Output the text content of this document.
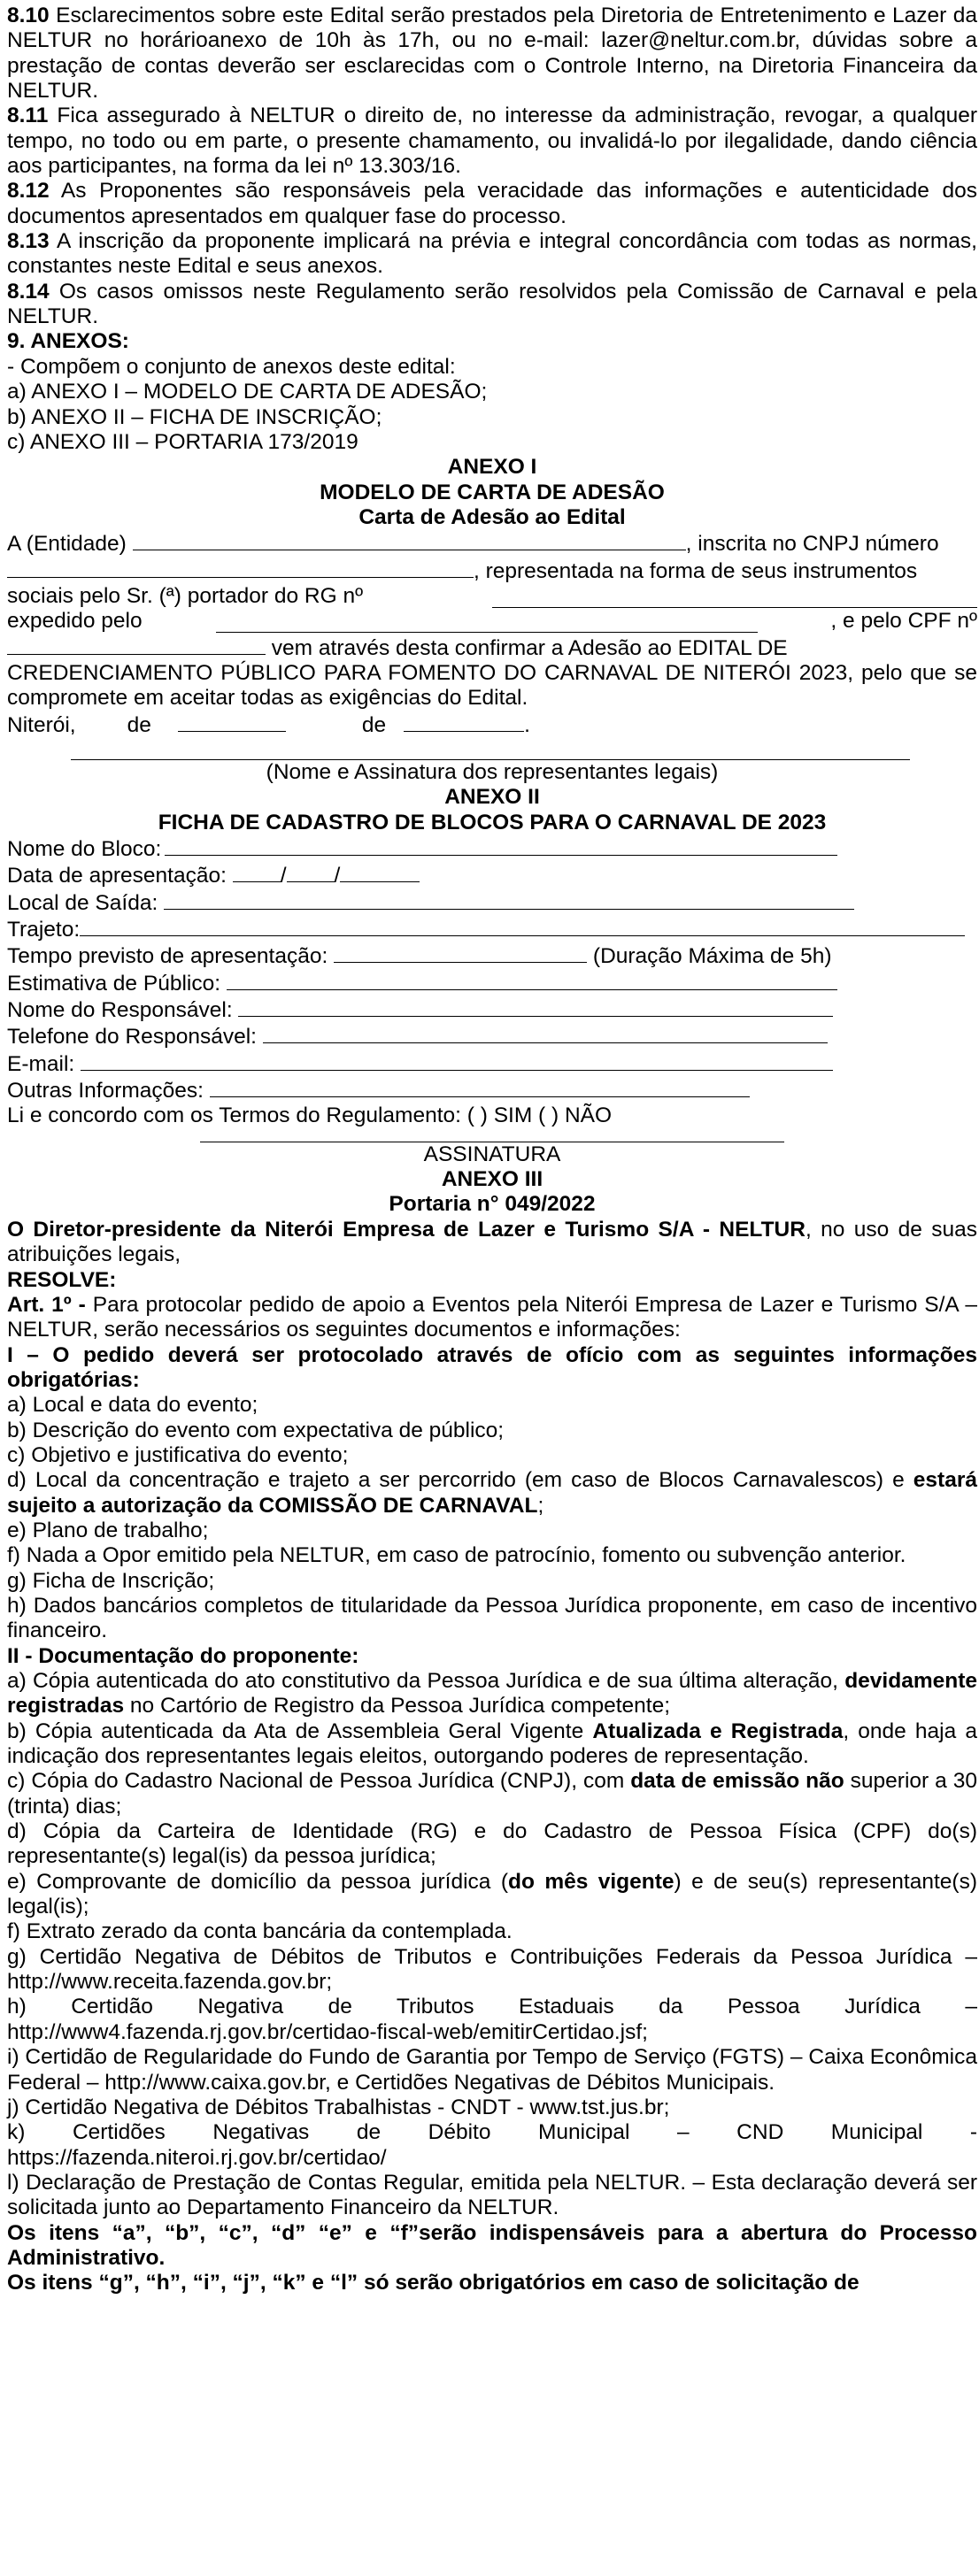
8.10 Esclarecimentos sobre este Edital serão prestados pela Diretoria de Entretenimento e Lazer da NELTUR no horárioanexo de 10h às 17h, ou no e-mail: lazer@neltur.com.br, dúvidas sobre a prestação de contas deverão ser esclarecidas com o Controle Interno, na Diretoria Financeira da NELTUR.
8.11 Fica assegurado à NELTUR o direito de, no interesse da administração, revogar, a qualquer tempo, no todo ou em parte, o presente chamamento, ou invalidá-lo por ilegalidade, dando ciência aos participantes, na forma da lei nº 13.303/16.
8.12 As Proponentes são responsáveis pela veracidade das informações e autenticidade dos documentos apresentados em qualquer fase do processo.
8.13 A inscrição da proponente implicará na prévia e integral concordância com todas as normas, constantes neste Edital e seus anexos.
8.14 Os casos omissos neste Regulamento serão resolvidos pela Comissão de Carnaval e pela NELTUR.
9. ANEXOS:
- Compõem o conjunto de anexos deste edital:
a) ANEXO I – MODELO DE CARTA DE ADESÃO;
b) ANEXO II – FICHA DE INSCRIÇÃO;
c) ANEXO III – PORTARIA 173/2019
ANEXO I
MODELO DE CARTA DE ADESÃO
Carta de Adesão ao Edital
A (Entidade)	, inscrita no CNPJ número
, representada na forma de seus instrumentos
sociais pelo Sr. (ª) portador do RG nº
expedido pelo	, e pelo CPF nº
vem através desta confirmar a Adesão ao EDITAL DE
CREDENCIAMENTO PÚBLICO PARA FOMENTO DO CARNAVAL DE NITERÓI 2023, pelo que se compromete em aceitar todas as exigências do Edital.
Niterói, de	de	.
(Nome e Assinatura dos representantes legais)
ANEXO II
FICHA DE CADASTRO DE BLOCOS PARA O CARNAVAL DE 2023
Nome do Bloco:
Data de apresentação: / /
Local de Saída:
Trajeto:
Tempo previsto de apresentação:	(Duração Máxima de 5h)
Estimativa de Público:
Nome do Responsável:
Telefone do Responsável:
E-mail:
Outras Informações:
Li e concordo com os Termos do Regulamento: ( ) SIM ( ) NÃO
ASSINATURA
ANEXO III
Portaria n° 049/2022
O Diretor-presidente da Niterói Empresa de Lazer e Turismo S/A - NELTUR, no uso de suas atribuições legais,
RESOLVE:
Art. 1º - Para protocolar pedido de apoio a Eventos pela Niterói Empresa de Lazer e Turismo S/A – NELTUR, serão necessários os seguintes documentos e informações:
I – O pedido deverá ser protocolado através de ofício com as seguintes informações obrigatórias:
a) Local e data do evento;
b) Descrição do evento com expectativa de público;
c) Objetivo e justificativa do evento;
d) Local da concentração e trajeto a ser percorrido (em caso de Blocos Carnavalescos) e estará sujeito a autorização da COMISSÃO DE CARNAVAL;
e) Plano de trabalho;
f) Nada a Opor emitido pela NELTUR, em caso de patrocínio, fomento ou subvenção anterior.
g) Ficha de Inscrição;
h) Dados bancários completos de titularidade da Pessoa Jurídica proponente, em caso de incentivo financeiro.
II - Documentação do proponente:
a) Cópia autenticada do ato constitutivo da Pessoa Jurídica e de sua última alteração, devidamente registradas no Cartório de Registro da Pessoa Jurídica competente;
b) Cópia autenticada da Ata de Assembleia Geral Vigente Atualizada e Registrada, onde haja a indicação dos representantes legais eleitos, outorgando poderes de representação.
c) Cópia do Cadastro Nacional de Pessoa Jurídica (CNPJ), com data de emissão não superior a 30 (trinta) dias;
d) Cópia da Carteira de Identidade (RG) e do Cadastro de Pessoa Física (CPF) do(s) representante(s) legal(is) da pessoa jurídica;
e) Comprovante de domicílio da pessoa jurídica (do mês vigente) e de seu(s) representante(s) legal(is);
f) Extrato zerado da conta bancária da contemplada.
g) Certidão Negativa de Débitos de Tributos e Contribuições Federais da Pessoa Jurídica – http://www.receita.fazenda.gov.br;
h) Certidão Negativa de Tributos Estaduais da Pessoa Jurídica – http://www4.fazenda.rj.gov.br/certidao-fiscal-web/emitirCertidao.jsf;
i) Certidão de Regularidade do Fundo de Garantia por Tempo de Serviço (FGTS) – Caixa Econômica Federal – http://www.caixa.gov.br, e Certidões Negativas de Débitos Municipais.
j) Certidão Negativa de Débitos Trabalhistas - CNDT - www.tst.jus.br;
k) Certidões Negativas de Débito Municipal – CND Municipal - https://fazenda.niteroi.rj.gov.br/certidao/
l) Declaração de Prestação de Contas Regular, emitida pela NELTUR. – Esta declaração deverá ser solicitada junto ao Departamento Financeiro da NELTUR.
Os itens “a”, “b”, “c”, “d” “e” e “f”serão indispensáveis para a abertura do Processo Administrativo.
Os itens “g”, “h”, “i”, “j”, “k” e “l” só serão obrigatórios em caso de solicitação de
